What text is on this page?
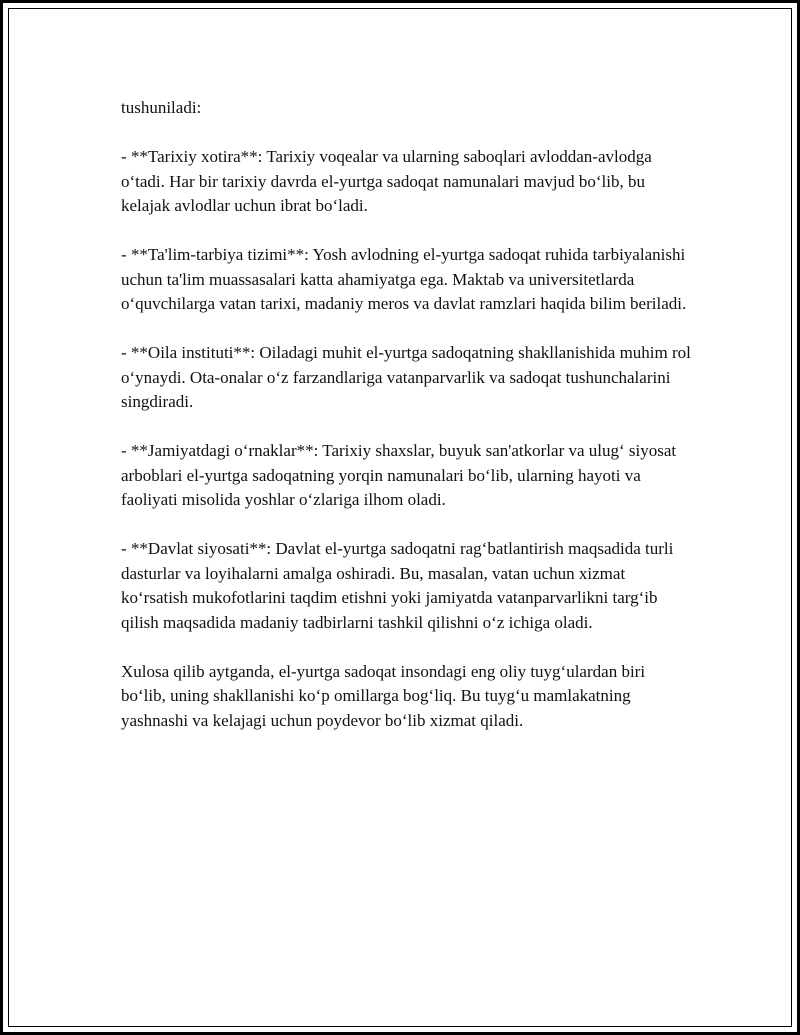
tushuniladi:

- **Tarixiy xotira**: Tarixiy voqealar va ularning saboqlari avloddan-avlodga o‘tadi. Har bir tarixiy davrda el-yurtga sadoqat namunalari mavjud bo‘lib, bu kelajak avlodlar uchun ibrat bo‘ladi.

- **Ta'lim-tarbiya tizimi**: Yosh avlodning el-yurtga sadoqat ruhida tarbiyalanishi uchun ta'lim muassasalari katta ahamiyatga ega. Maktab va universitetlarda o‘quvchilarga vatan tarixi, madaniy meros va davlat ramzlari haqida bilim beriladi.

- **Oila instituti**: Oiladagi muhit el-yurtga sadoqatning shakllanishida muhim rol o‘ynaydi. Ota-onalar o‘z farzandlariga vatanparvarlik va sadoqat tushunchalarini singdiradi.

- **Jamiyatdagi o‘rnaklar**: Tarixiy shaxslar, buyuk san'atkorlar va ulug‘ siyosat arboblari el-yurtga sadoqatning yorqin namunalari bo‘lib, ularning hayoti va faoliyati misolida yoshlar o‘zlariga ilhom oladi.

- **Davlat siyosati**: Davlat el-yurtga sadoqatni rag‘batlantirish maqsadida turli dasturlar va loyihalarni amalga oshiradi. Bu, masalan, vatan uchun xizmat ko‘rsatish mukofotlarini taqdim etishni yoki jamiyatda vatanparvarlikni targ‘ib qilish maqsadida madaniy tadbirlarni tashkil qilishni o‘z ichiga oladi.

Xulosa qilib aytganda, el-yurtga sadoqat insondagi eng oliy tuyg‘ulardan biri bo‘lib, uning shakllanishi ko‘p omillarga bog‘liq. Bu tuyg‘u mamlakatning yashnashi va kelajagi uchun poydevor bo‘lib xizmat qiladi.
